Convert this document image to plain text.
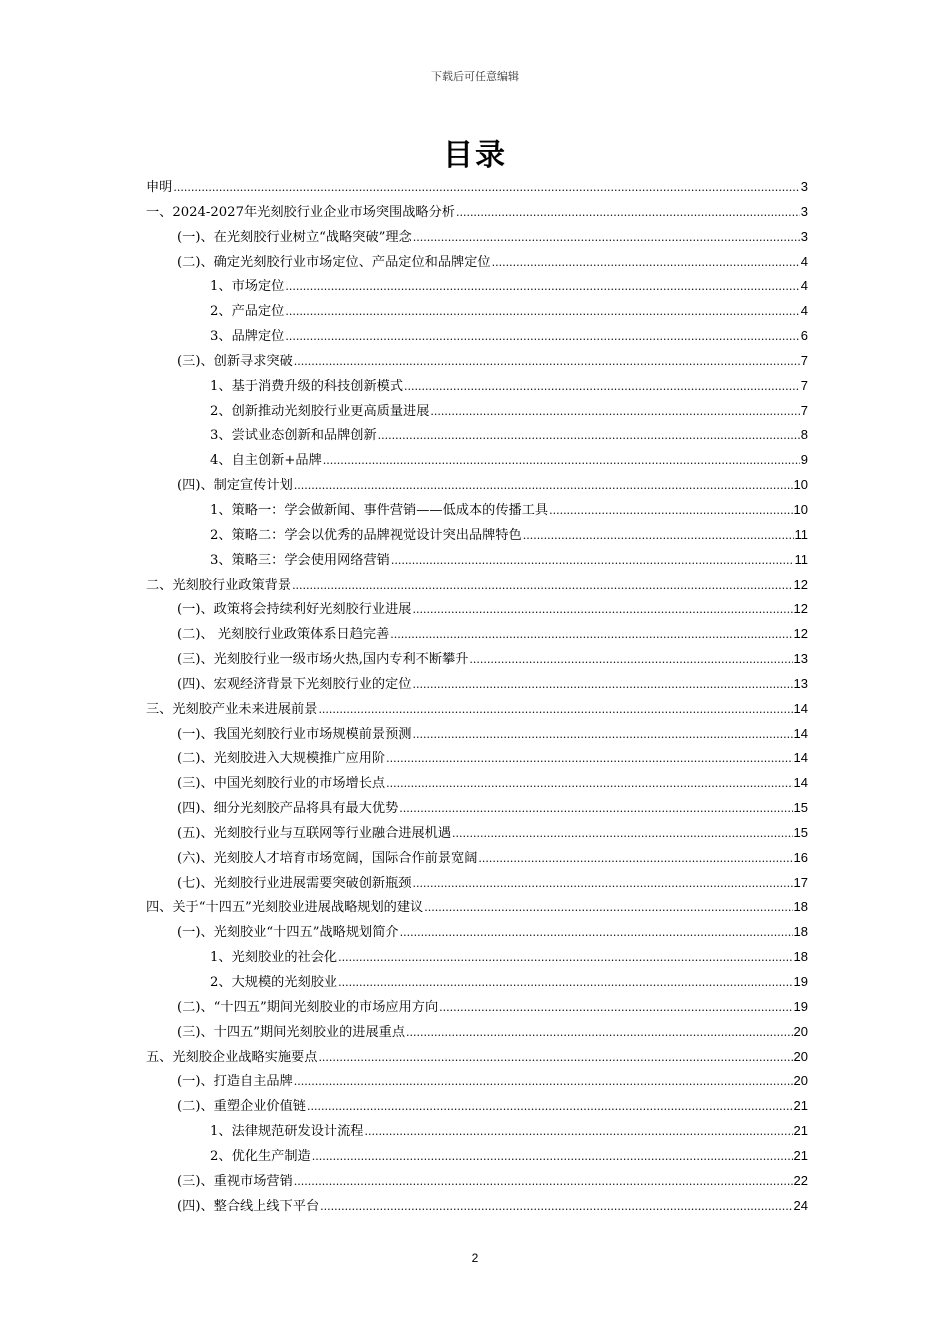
下载后可任意编辑
目录
申明 .....	3
一、2024-2027年光刻胶行业企业市场突围战略分析 .....	3
(一)、在光刻胶行业树立“战略突破”理念 .....	3
(二)、确定光刻胶行业市场定位、产品定位和品牌定位 .....	4
1、市场定位 .....	4
2、产品定位 .....	4
3、品牌定位 .....	6
(三)、创新寻求突破 .....	7
1、基于消费升级的科技创新模式 .....	7
2、创新推动光刻胶行业更高质量进展 .....	7
3、尝试业态创新和品牌创新 .....	8
4、自主创新+品牌 .....	9
(四)、制定宣传计划 .....	10
1、策略一：学会做新闻、事件营销——低成本的传播工具 .....	10
2、策略二：学会以优秀的品牌视觉设计突出品牌特色 .....	11
3、策略三：学会使用网络营销 .....	11
二、光刻胶行业政策背景 .....	12
(一)、政策将会持续利好光刻胶行业进展 .....	12
(二)、 光刻胶行业政策体系日趋完善 .....	12
(三)、光刻胶行业一级市场火热,国内专利不断攀升 .....	13
(四)、宏观经济背景下光刻胶行业的定位 .....	13
三、光刻胶产业未来进展前景 .....	14
(一)、我国光刻胶行业市场规模前景预测 .....	14
(二)、光刻胶进入大规模推广应用阶 .....	14
(三)、中国光刻胶行业的市场增长点 .....	14
(四)、细分光刻胶产品将具有最大优势 .....	15
(五)、光刻胶行业与互联网等行业融合进展机遇 .....	15
(六)、光刻胶人才培育市场宽阔，国际合作前景宽阔 .....	16
(七)、光刻胶行业进展需要突破创新瓶颈 .....	17
四、关于“十四五”光刻胶业进展战略规划的建议 .....	18
(一)、光刻胶业“十四五”战略规划简介 .....	18
1、光刻胶业的社会化 .....	18
2、大规模的光刻胶业 .....	19
(二)、“十四五”期间光刻胶业的市场应用方向 .....	19
(三)、十四五”期间光刻胶业的进展重点 .....	20
五、光刻胶企业战略实施要点 .....	20
(一)、打造自主品牌 .....	20
(二)、重塑企业价值链 .....	21
1、法律规范研发设计流程 .....	21
2、优化生产制造 .....	21
(三)、重视市场营销 .....	22
(四)、整合线上线下平台 .....	24
2
